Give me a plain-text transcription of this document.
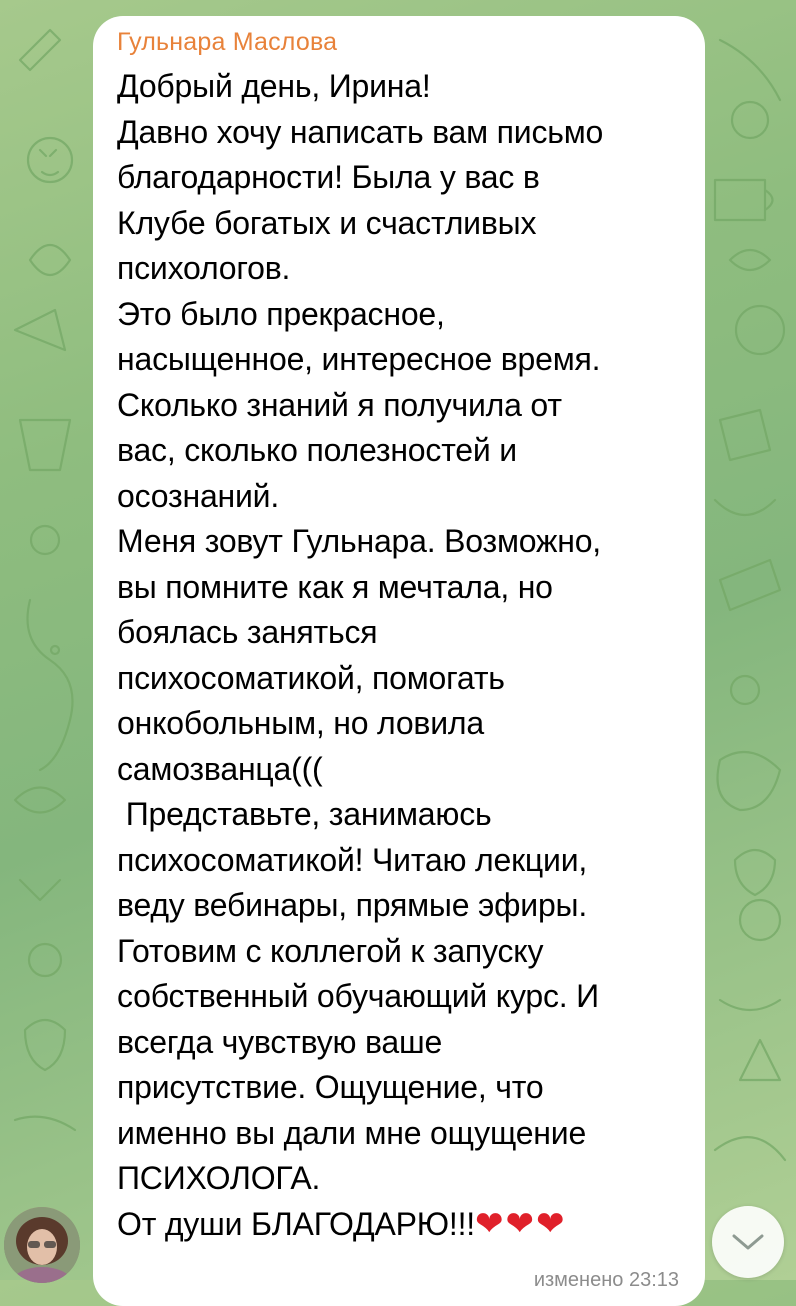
Гульнара Маслова
Добрый день, Ирина!
Давно хочу написать вам письмо
благодарности! Была у вас в
Клубе богатых и счастливых
психологов.
Это было прекрасное,
насыщенное, интересное время.
Сколько знаний я получила от
вас, сколько полезностей и
осознаний.
Меня зовут Гульнара. Возможно,
вы помните как я мечтала, но
боялась заняться
психосоматикой, помогать
онкобольным, но ловила
самозванца(((
Представьте, занимаюсь
психосоматикой! Читаю лекции,
веду вебинары, прямые эфиры.
Готовим с коллегой к запуску
собственный обучающий курс. И
всегда чувствую ваше
присутствие. Ощущение, что
именно вы дали мне ощущение
ПСИХОЛОГА.
От души БЛАГОДАРЮ!!!❤❤❤
изменено 23:13
